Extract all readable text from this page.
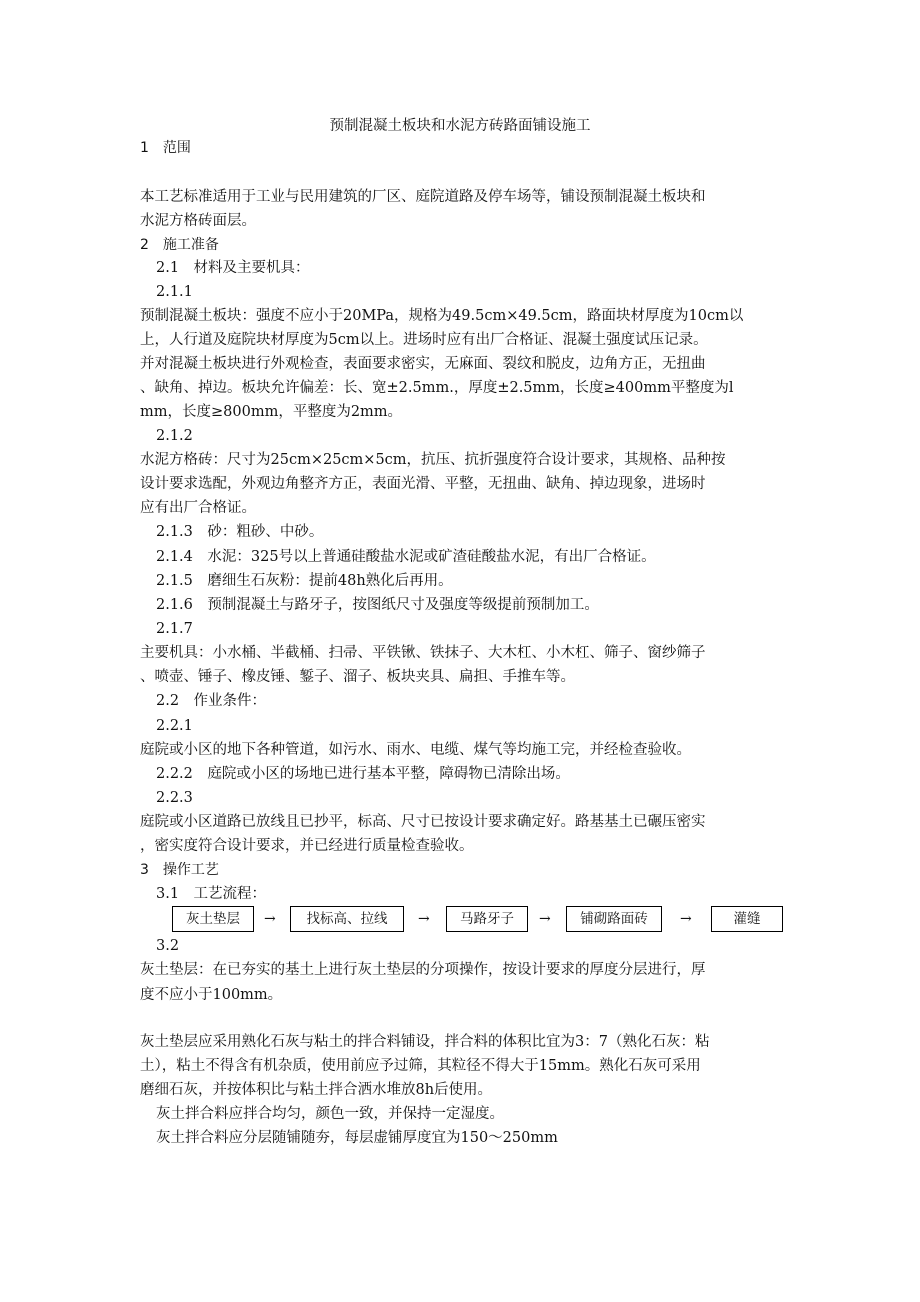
预制混凝土板块和水泥方砖路面铺设施工
1　范围
本工艺标准适用于工业与民用建筑的厂区、庭院道路及停车场等，铺设预制混凝土板块和
水泥方格砖面层。
2　施工准备
2.1　材料及主要机具：
2.1.1
预制混凝土板块：强度不应小于20MPa，规格为49.5cm×49.5cm，路面块材厚度为10cm以
上，人行道及庭院块材厚度为5cm以上。进场时应有出厂合格证、混凝土强度试压记录。
并对混凝土板块进行外观检查，表面要求密实，无麻面、裂纹和脱皮，边角方正，无扭曲
、缺角、掉边。板块允许偏差：长、宽±2.5mm.，厚度±2.5mm，长度≥400mm平整度为l
mm，长度≥800mm，平整度为2mm。
2.1.2
水泥方格砖：尺寸为25cm×25cm×5cm，抗压、抗折强度符合设计要求，其规格、品种按
设计要求选配，外观边角整齐方正，表面光滑、平整，无扭曲、缺角、掉边现象，进场时
应有出厂合格证。
2.1.3　砂：粗砂、中砂。
2.1.4　水泥：325号以上普通硅酸盐水泥或矿渣硅酸盐水泥，有出厂合格证。
2.1.5　磨细生石灰粉：提前48h熟化后再用。
2.1.6　预制混凝土与路牙子，按图纸尺寸及强度等级提前预制加工。
2.1.7
主要机具：小水桶、半截桶、扫帚、平铁锹、铁抹子、大木杠、小木杠、筛子、窗纱筛子
、喷壶、锤子、橡皮锤、錾子、溜子、板块夹具、扁担、手推车等。
2.2　作业条件：
2.2.1
庭院或小区的地下各种管道，如污水、雨水、电缆、煤气等均施工完，并经检查验收。
2.2.2　庭院或小区的场地已进行基本平整，障碍物已清除出场。
2.2.3
庭院或小区道路已放线且已抄平，标高、尺寸已按设计要求确定好。路基基土已碾压密实
，密实度符合设计要求，并已经进行质量检查验收。
3　操作工艺
3.1　工艺流程：
灰土垫层	→	找标高、拉线	→	马路牙子	→	铺砌路面砖	→	灌缝
3.2
灰土垫层：在已夯实的基土上进行灰土垫层的分项操作，按设计要求的厚度分层进行，厚
度不应小于100mm。
灰土垫层应采用熟化石灰与粘土的拌合料铺设，拌合料的体积比宜为3：7（熟化石灰：粘
土），粘土不得含有机杂质，使用前应予过筛，其粒径不得大于15mm。熟化石灰可采用
磨细石灰，并按体积比与粘土拌合洒水堆放8h后使用。
灰土拌合料应拌合均匀，颜色一致，并保持一定湿度。
灰土拌合料应分层随铺随夯，每层虚铺厚度宜为150～250mm
